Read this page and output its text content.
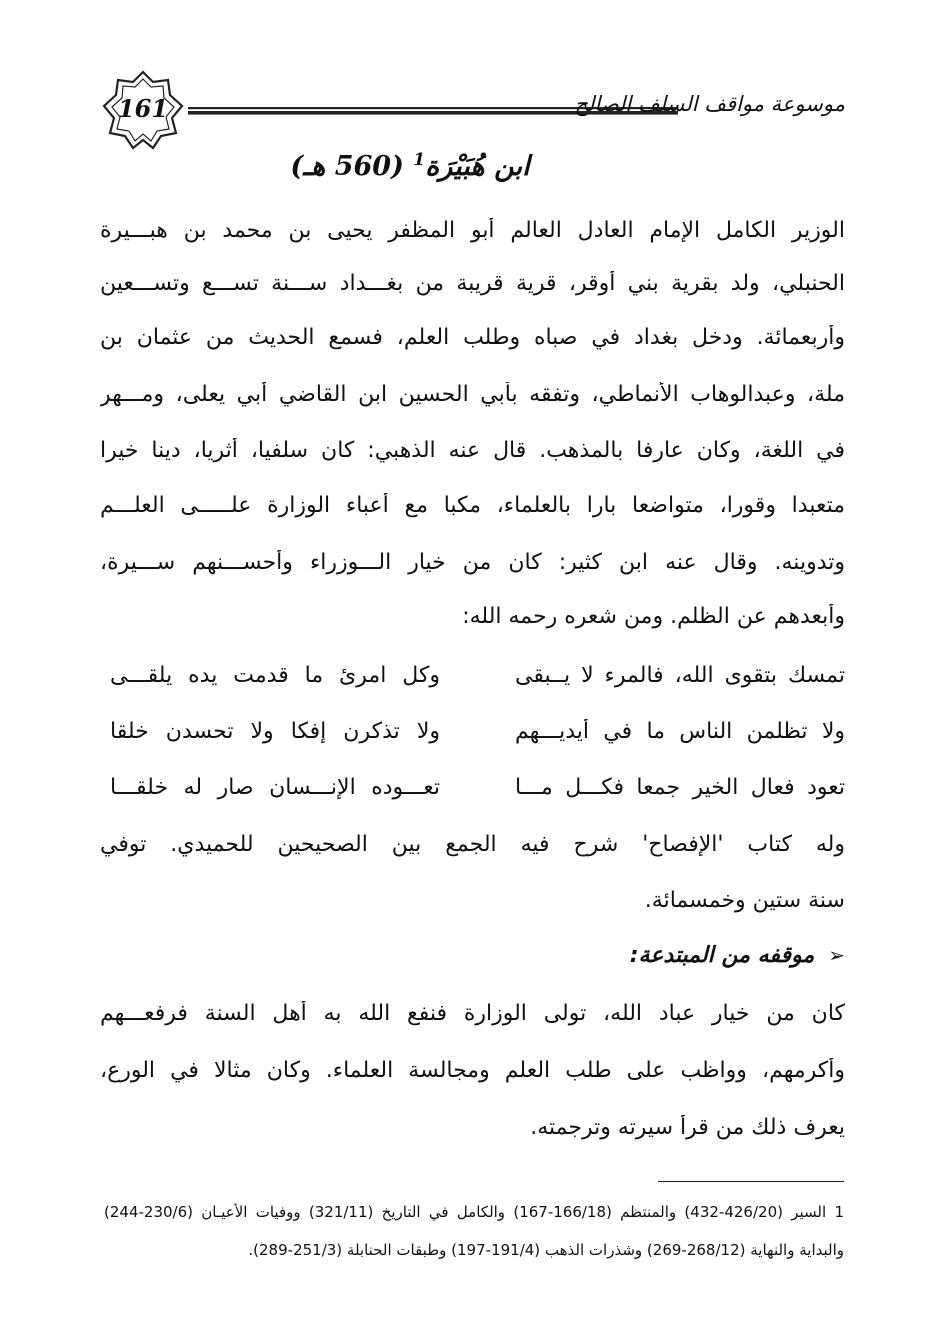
161	موسوعة مواقف السلف الصالح
ابن هُبَيْرَة$^1$ (560 هـ)
الوزير الكامل الإمام العادل العالم أبو المظفر يحيى بن محمد بن هبـــيرة
الحنبلي، ولد بقرية بني أوقر، قرية قريبة من بغـــداد ســـنة تســـع وتســـعين
وأربعمائة. ودخل بغداد في صباه وطلب العلم، فسمع الحديث من عثمان بن
ملة، وعبدالوهاب الأنماطي، وتفقه بأبي الحسين ابن القاضي أبي يعلى، ومـــهر
في اللغة، وكان عارفا بالمذهب. قال عنه الذهبي: كان سلفيا، أثريا، دينا خيرا
متعبدا وقورا، متواضعا بارا بالعلماء، مكبا مع أعباء الوزارة علـــــى العلـــم
وتدوينه. وقال عنه ابن كثير: كان من خيار الـــوزراء وأحســـنهم ســـيرة،
وأبعدهم عن الظلم. ومن شعره رحمه الله:
تمسك بتقوى الله، فالمرء لا يــبقى
وكل امرئ ما قدمت يده يلقـــى
ولا تظلمن الناس ما في أيديـــهم
ولا تذكرن إفكا ولا تحسدن خلقا
تعود فعال الخير جمعا فكـــل مـــا
تعـــوده الإنـــسان صار له خلقـــا
وله كتاب 'الإفصاح' شرح فيه الجمع بين الصحيحين للحميدي. توفي
سنة ستين وخمسمائة.
➢موقفه من المبتدعة:
كان من خيار عباد الله، تولى الوزارة فنفع الله به أهل السنة فرفعـــهم
وأكرمهم، وواظب على طلب العلم ومجالسة العلماء. وكان مثالا في الورع،
يعرف ذلك من قرأ سيرته وترجمته.
1 السير (426/20-432) والمنتظم (166/18-167) والكامل في التاريخ (321/11) ووفيات الأعيـان (230/6-244)
والبداية والنهاية (268/12-269) وشذرات الذهب (191/4-197) وطبقات الحنابلة (251/3-289).
